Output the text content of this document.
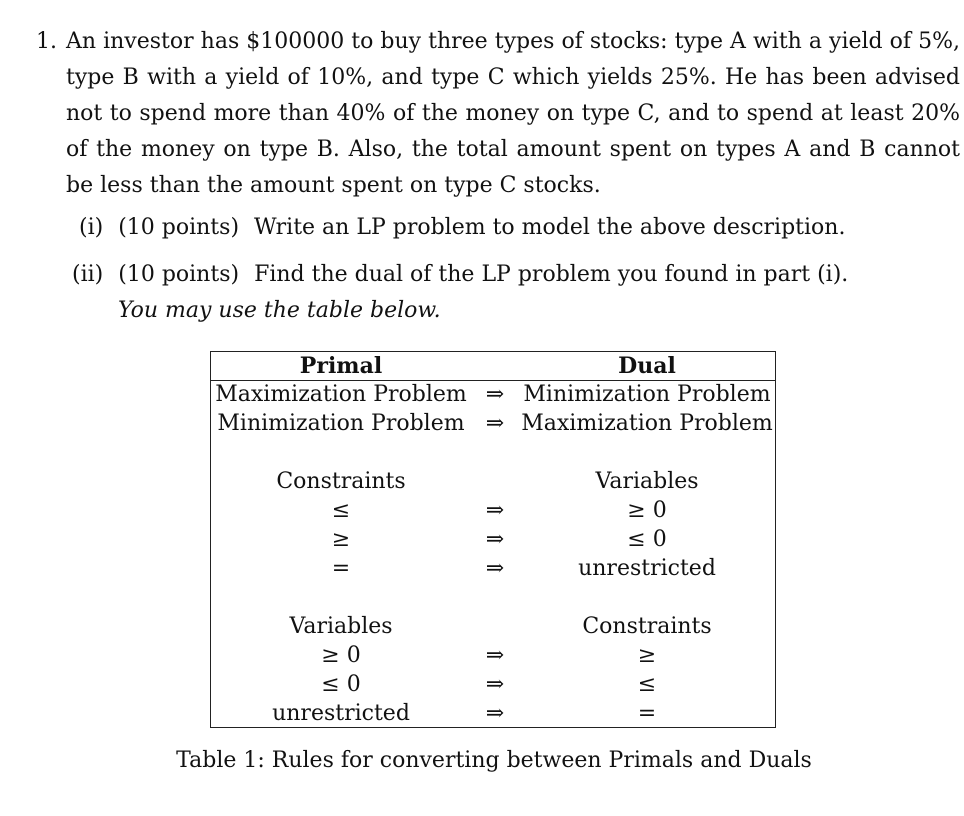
1. An investor has $100000 to buy three types of stocks: type A with a yield of 5%, type B with a yield of 10%, and type C which yields 25%. He has been advised not to spend more than 40% of the money on type C, and to spend at least 20% of the money on type B. Also, the total amount spent on types A and B cannot be less than the amount spent on type C stocks.
(i) (10 points) Write an LP problem to model the above description.
(ii) (10 points) Find the dual of the LP problem you found in part (i).
You may use the table below.
Primal	Dual
Maximization Problem ⇒ Minimization Problem
Minimization Problem ⇒ Maximization Problem
Constraints	Variables
≤	⇒	≥ 0
≥	⇒	≤ 0
=	⇒	unrestricted
Variables	Constraints
≥ 0	⇒	≥
≤ 0	⇒	≤
unrestricted	⇒	=
Table 1: Rules for converting between Primals and Duals
